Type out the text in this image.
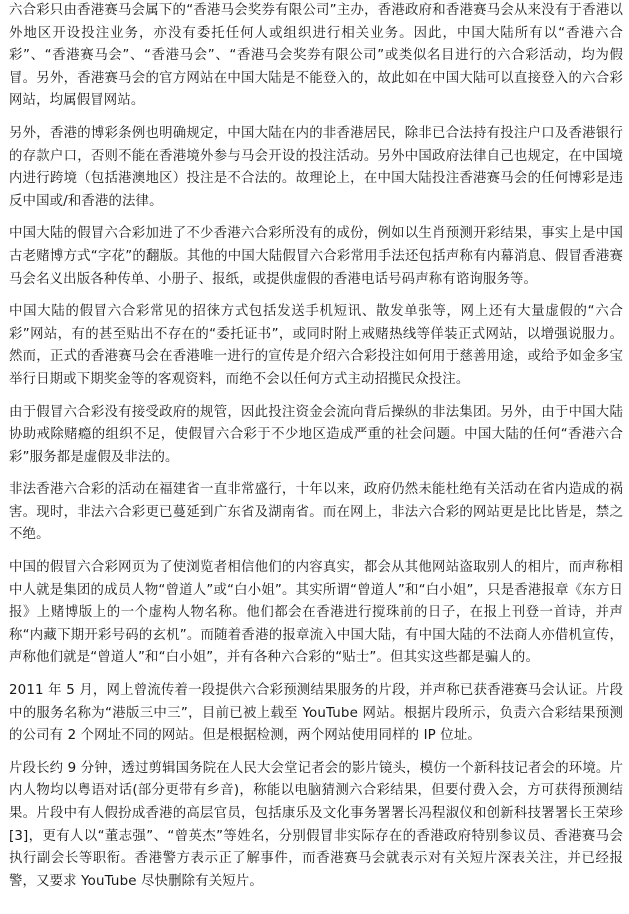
六合彩只由香港赛马会属下的“香港马会奖券有限公司”主办，香港政府和香港赛马会从来没有于香港以外地区开设投注业务，亦没有委托任何人或组织进行相关业务。因此，中国大陆所有以“香港六合彩”、“香港赛马会”、“香港马会”、“香港马会奖券有限公司”或类似名目进行的六合彩活动，均为假冒。另外，香港赛马会的官方网站在中国大陆是不能登入的，故此如在中国大陆可以直接登入的六合彩网站，均属假冒网站。

另外，香港的博彩条例也明确规定，中国大陆在内的非香港居民，除非已合法持有投注户口及香港银行的存款户口，否则不能在香港境外参与马会开设的投注活动。另外中国政府法律自己也规定，在中国境内进行跨境（包括港澳地区）投注是不合法的。故理论上，在中国大陆投注香港赛马会的任何博彩是违反中国或/和香港的法律。

中国大陆的假冒六合彩加进了不少香港六合彩所没有的成份，例如以生肖预测开彩结果，事实上是中国古老赌博方式“字花”的翻版。其他的中国大陆假冒六合彩常用手法还包括声称有内幕消息、假冒香港赛马会名义出版各种传单、小册子、报纸，或提供虚假的香港电话号码声称有谘询服务等。

中国大陆的假冒六合彩常见的招徕方式包括发送手机短讯、散发单张等，网上还有大量虚假的“六合彩”网站，有的甚至贴出不存在的“委托证书”，或同时附上戒赌热线等佯装正式网站，以增强说服力。然而，正式的香港赛马会在香港唯一进行的宣传是介绍六合彩投注如何用于慈善用途，或给予如金多宝举行日期或下期奖金等的客观资料，而绝不会以任何方式主动招揽民众投注。

由于假冒六合彩没有接受政府的规管，因此投注资金会流向背后操纵的非法集团。另外，由于中国大陆协助戒除赌瘾的组织不足，使假冒六合彩于不少地区造成严重的社会问题。中国大陆的任何“香港六合彩”服务都是虚假及非法的。

非法香港六合彩的活动在福建省一直非常盛行，十年以来，政府仍然未能杜绝有关活动在省内造成的祸害。现时，非法六合彩更已蔓延到广东省及湖南省。而在网上，非法六合彩的网站更是比比皆是，禁之不绝。

中国的假冒六合彩网页为了使浏览者相信他们的内容真实，都会从其他网站盗取别人的相片，而声称相中人就是集团的成员人物“曾道人”或“白小姐”。其实所谓“曾道人”和“白小姐”，只是香港报章《东方日报》上赌博版上的一个虚构人物名称。他们都会在香港进行搅珠前的日子，在报上刊登一首诗，并声称“内藏下期开彩号码的玄机”。而随着香港的报章流入中国大陆，有中国大陆的不法商人亦借机宣传，声称他们就是“曾道人”和“白小姐”，并有各种六合彩的“贴士”。但其实这些都是骗人的。

2011 年 5 月，网上曾流传着一段提供六合彩预测结果服务的片段，并声称已获香港赛马会认证。片段中的服务名称为“港版三中三”，目前已被上载至 YouTube 网站。根据片段所示，负责六合彩结果预测的公司有 2 个网址不同的网站。但是根据检测，两个网站使用同样的 IP 位址。

片段长约 9 分钟，透过剪辑国务院在人民大会堂记者会的影片镜头，模仿一个新科技记者会的环境。片内人物均以粤语对话(部分更带有乡音)，称能以电脑猜测六合彩结果，但要付费入会，方可获得预测结果。片段中有人假扮成香港的高层官员，包括康乐及文化事务署署长冯程淑仪和创新科技署署长王荣珍[3]，更有人以“董志强”、“曾英杰”等姓名，分别假冒非实际存在的香港政府特别参议员、香港赛马会执行副会长等职衔。香港警方表示正了解事件，而香港赛马会就表示对有关短片深表关注，并已经报警，又要求 YouTube 尽快删除有关短片。
